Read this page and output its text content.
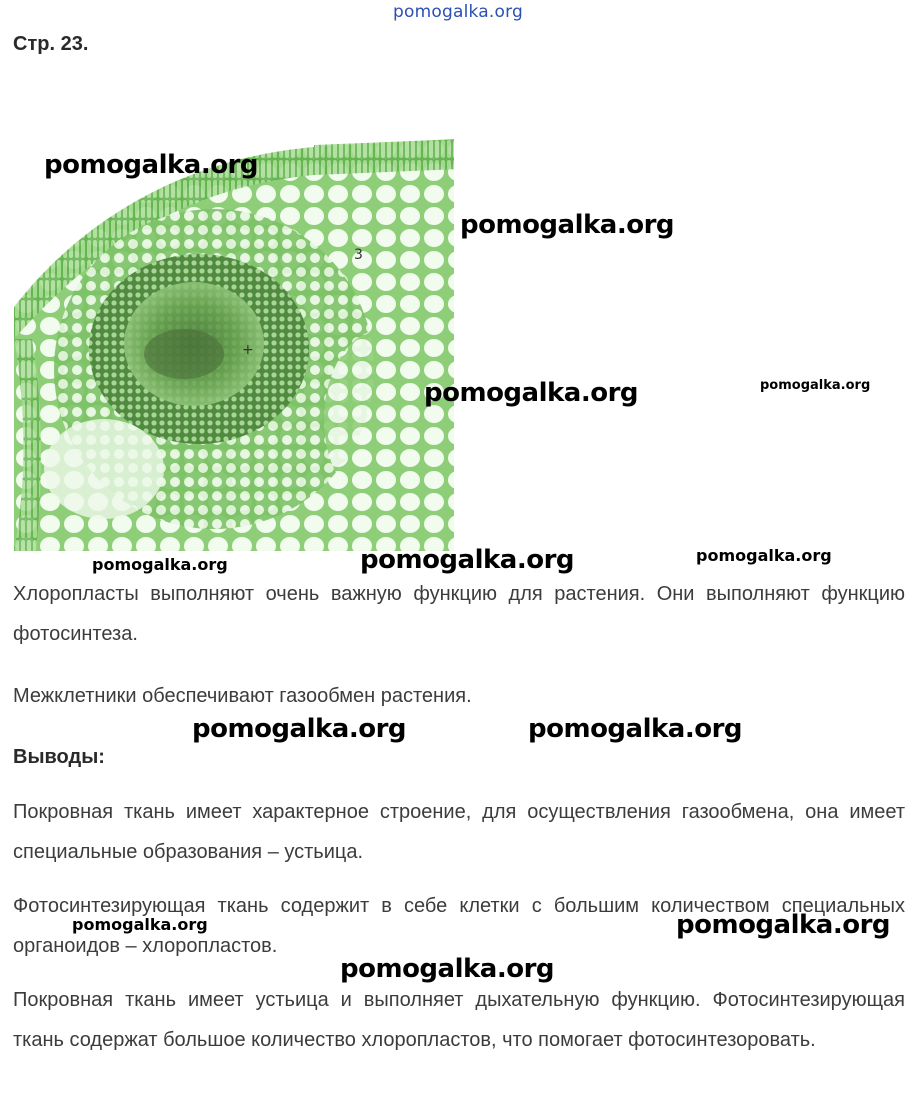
pomogalka.org
Стр. 23.
3
+
pomogalka.org
pomogalka.org
pomogalka.org	pomogalka.org
pomogalka.org	pomogalka.org	pomogalka.org
Хлоропласты выполняют очень важную функцию для растения. Они выполняют функцию фотосинтеза.
Межклетники обеспечивают газообмен растения.
pomogalka.org	pomogalka.org
Выводы:
Покровная ткань имеет характерное строение, для осуществления газообмена, она имеет специальные образования – устьица.
Фотосинтезирующая ткань содержит в себе клетки с большим количеством специальных органоидов – хлоропластов.
pomogalka.org	pomogalka.org
pomogalka.org
Покровная ткань имеет устьица и выполняет дыхательную функцию. Фотосинтезирующая ткань содержат большое количество хлоропластов, что помогает фотосинтезоровать.
